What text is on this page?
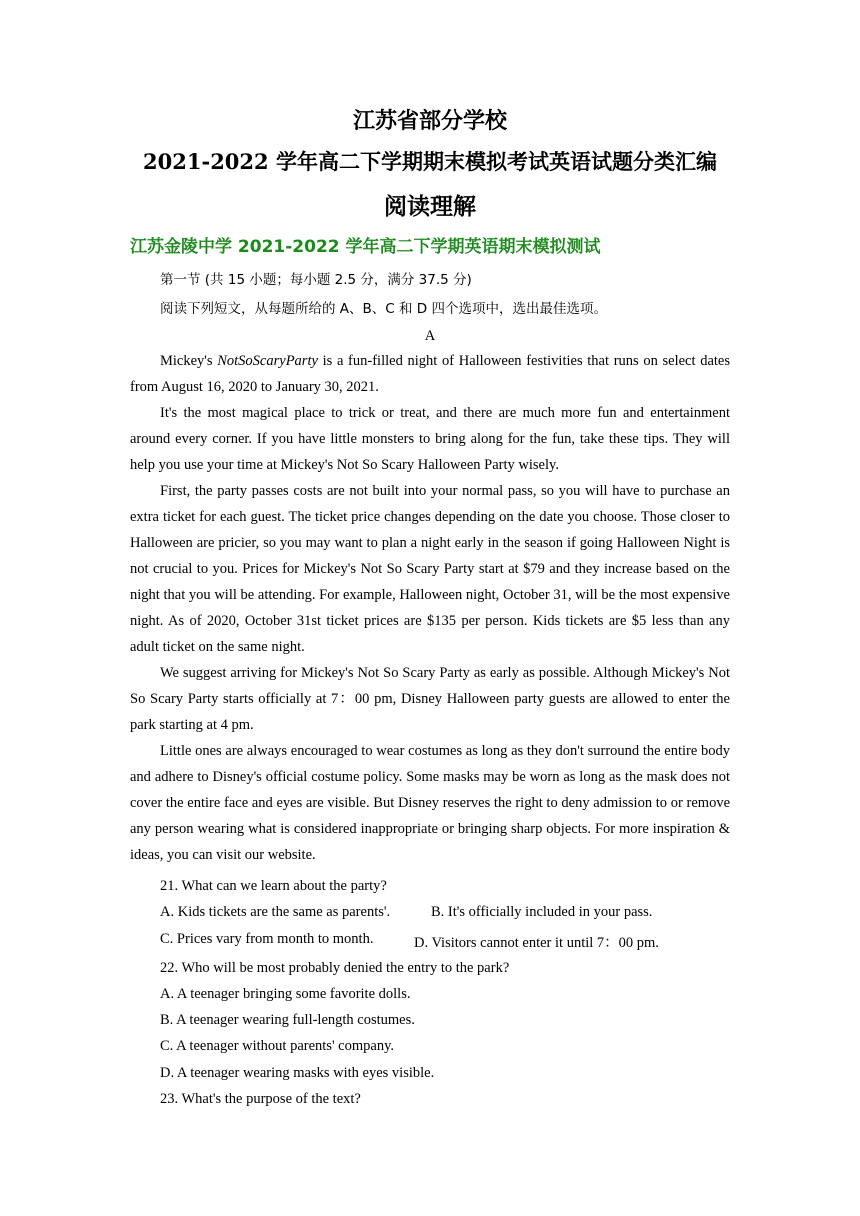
江苏省部分学校
2021-2022 学年高二下学期期末模拟考试英语试题分类汇编
阅读理解
江苏金陵中学 2021-2022 学年高二下学期英语期末模拟测试
第一节 (共 15 小题；每小题 2.5 分，满分 37.5 分)
阅读下列短文，从每题所给的 A、B、C 和 D 四个选项中，选出最佳选项。
A

Mickey's NotSoScaryParty is a fun-filled night of Halloween festivities that runs on select dates from August 16, 2020 to January 30, 2021.

It's the most magical place to trick or treat, and there are much more fun and entertainment around every corner. If you have little monsters to bring along for the fun, take these tips. They will help you use your time at Mickey's Not So Scary Halloween Party wisely.

First, the party passes costs are not built into your normal pass, so you will have to purchase an extra ticket for each guest. The ticket price changes depending on the date you choose. Those closer to Halloween are pricier, so you may want to plan a night early in the season if going Halloween Night is not crucial to you. Prices for Mickey's Not So Scary Party start at $79 and they increase based on the night that you will be attending. For example, Halloween night, October 31, will be the most expensive night. As of 2020, October 31st ticket prices are $135 per person. Kids tickets are $5 less than any adult ticket on the same night.

We suggest arriving for Mickey's Not So Scary Party as early as possible. Although Mickey's Not So Scary Party starts officially at 7：00 pm, Disney Halloween party guests are allowed to enter the park starting at 4 pm.

Little ones are always encouraged to wear costumes as long as they don't surround the entire body and adhere to Disney's official costume policy. Some masks may be worn as long as the mask does not cover the entire face and eyes are visible. But Disney reserves the right to deny admission to or remove any person wearing what is considered inappropriate or bringing sharp objects. For more inspiration & ideas, you can visit our website.

21. What can we learn about the party?
A. Kids tickets are the same as parents'.	B. It's officially included in your pass.
C. Prices vary from month to month.	D. Visitors cannot enter it until 7：00 pm.
22. Who will be most probably denied the entry to the park?
A. A teenager bringing some favorite dolls.
B. A teenager wearing full-length costumes.
C. A teenager without parents' company.
D. A teenager wearing masks with eyes visible.
23. What's the purpose of the text?
